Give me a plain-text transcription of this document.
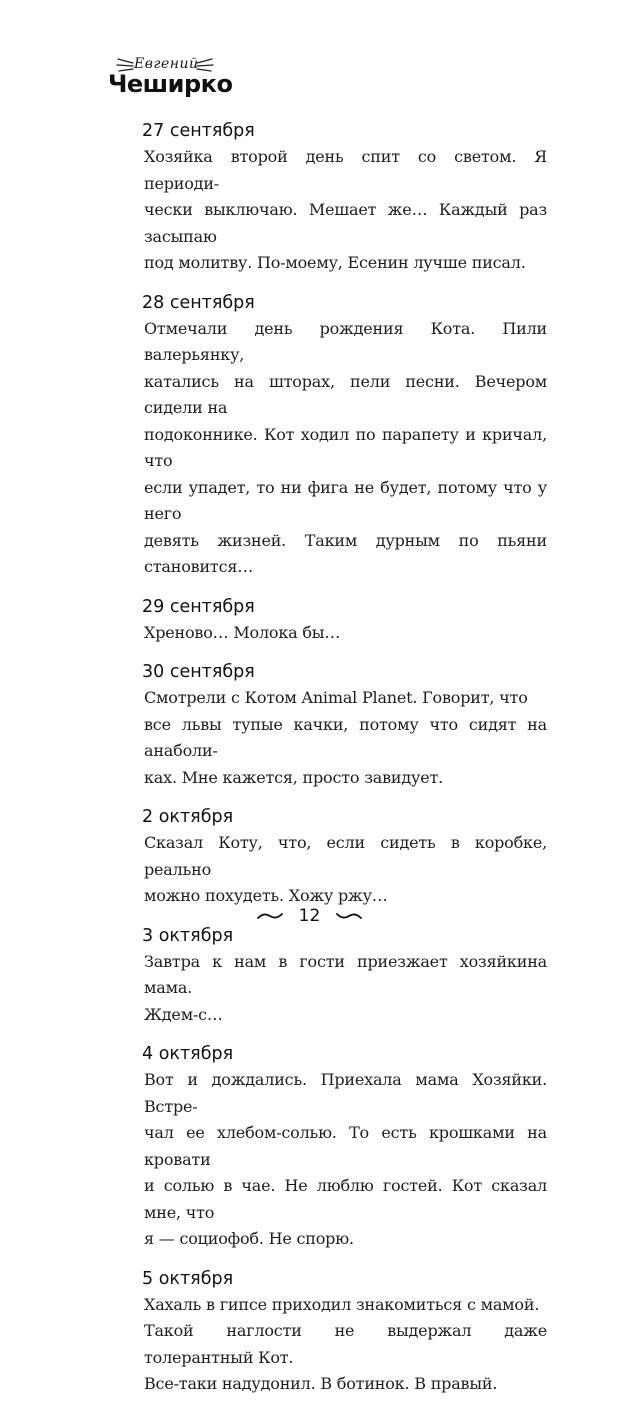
Евгений
Чеширко
27 сентября
Хозяйка второй день спит со светом. Я периоди-
чески выключаю. Мешает же… Каждый раз засыпаю
под молитву. По-моему, Есенин лучше писал.
28 сентября
Отмечали день рождения Кота. Пили валерьянку,
катались на шторах, пели песни. Вечером сидели на
подоконнике. Кот ходил по парапету и кричал, что
если упадет, то ни фига не будет, потому что у него
девять жизней. Таким дурным по пьяни становится…
29 сентября
Хреново… Молока бы…
30 сентября
Смотрели с Котом Animal Planet. Говорит, что
все львы тупые качки, потому что сидят на анаболи-
ках. Мне кажется, просто завидует.
2 октября
Сказал Коту, что, если сидеть в коробке, реально
можно похудеть. Хожу ржу…
3 октября
Завтра к нам в гости приезжает хозяйкина мама.
Ждем-с…
4 октября
Вот и дождались. Приехала мама Хозяйки. Встре-
чал ее хлебом-солью. То есть крошками на кровати
и солью в чае. Не люблю гостей. Кот сказал мне, что
я — социофоб. Не спорю.
5 октября
Хахаль в гипсе приходил знакомиться с мамой.
Такой наглости не выдержал даже толерантный Кот.
Все-таки надудонил. В ботинок. В правый.
12
